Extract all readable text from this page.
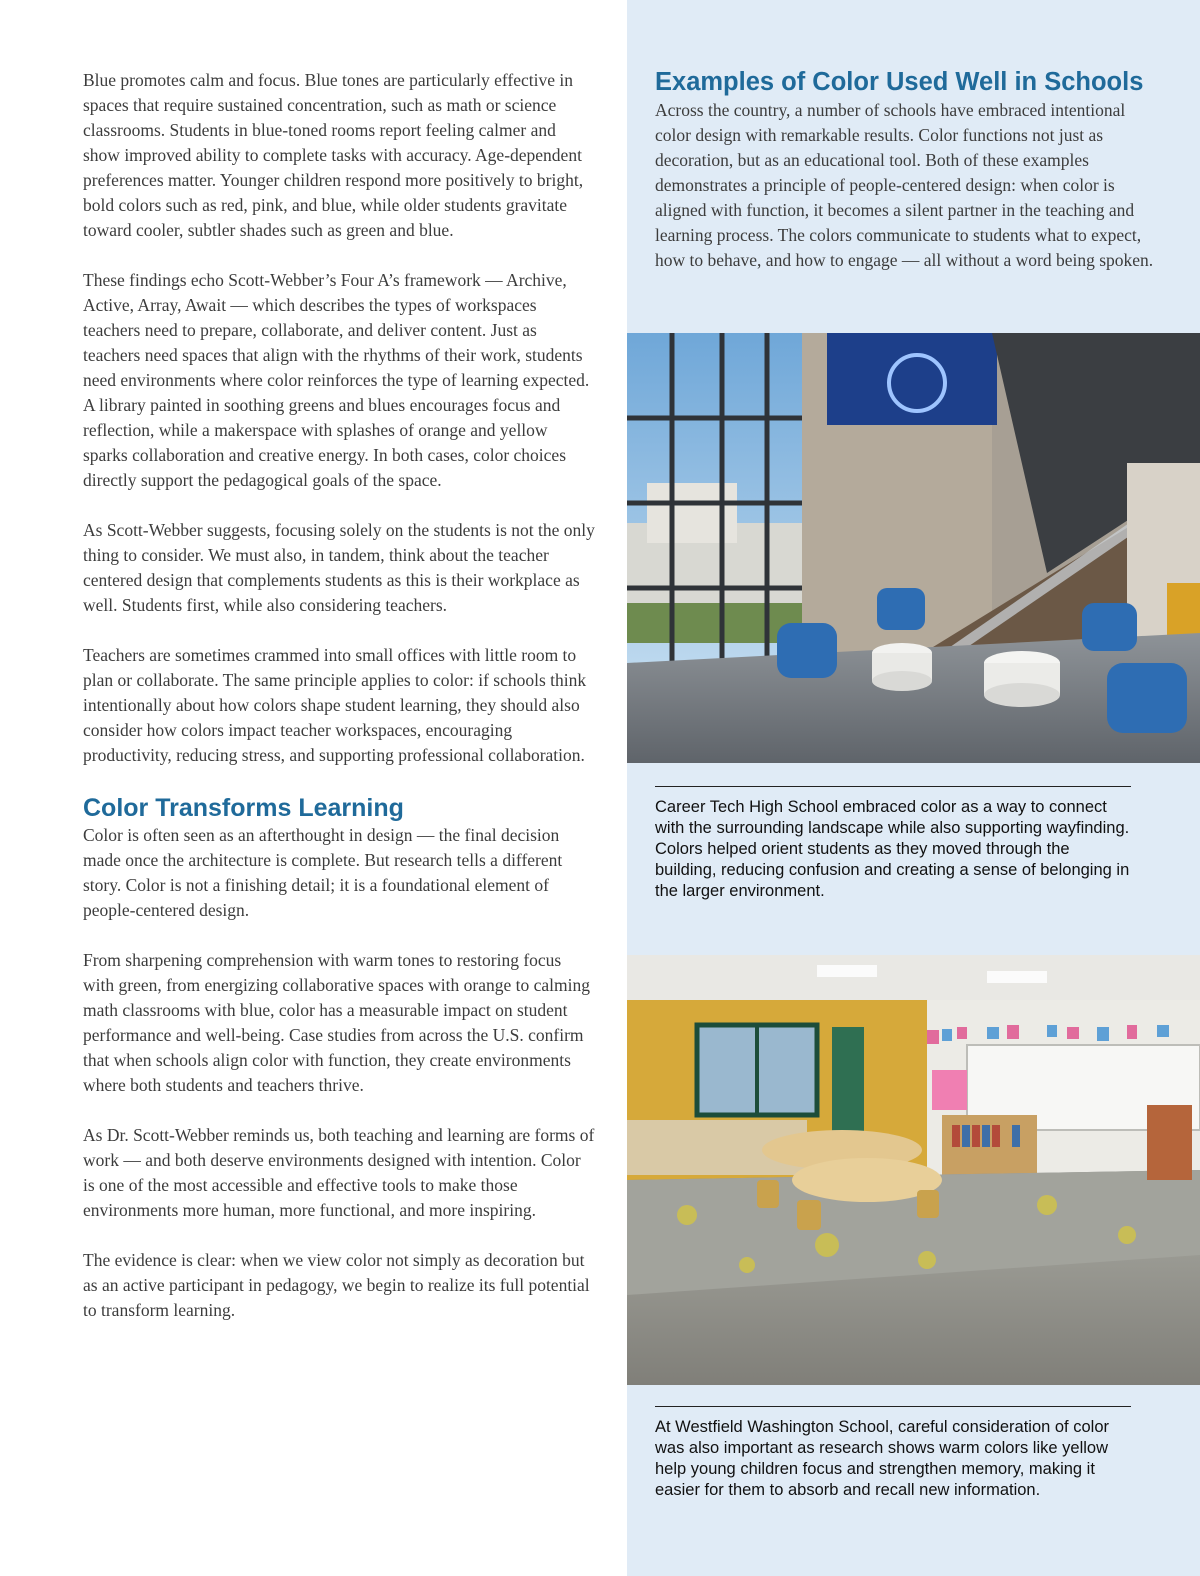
Blue promotes calm and focus. Blue tones are particularly effective in spaces that require sustained concentration, such as math or science classrooms. Students in blue-toned rooms report feeling calmer and show improved ability to complete tasks with accuracy. Age-dependent preferences matter. Younger children respond more positively to bright, bold colors such as red, pink, and blue, while older students gravitate toward cooler, subtler shades such as green and blue.

These findings echo Scott-Webber’s Four A’s framework — Archive, Active, Array, Await — which describes the types of workspaces teachers need to prepare, collaborate, and deliver content. Just as teachers need spaces that align with the rhythms of their work, students need environments where color reinforces the type of learning expected. A library painted in soothing greens and blues encourages focus and reflection, while a makerspace with splashes of orange and yellow sparks collaboration and creative energy. In both cases, color choices directly support the pedagogical goals of the space.

As Scott-Webber suggests, focusing solely on the students is not the only thing to consider. We must also, in tandem, think about the teacher centered design that complements students as this is their workplace as well. Students first, while also considering teachers.

Teachers are sometimes crammed into small offices with little room to plan or collaborate. The same principle applies to color: if schools think intentionally about how colors shape student learning, they should also consider how colors impact teacher workspaces, encouraging productivity, reducing stress, and supporting professional collaboration.

Color Transforms Learning

Color is often seen as an afterthought in design — the final decision made once the architecture is complete. But research tells a different story. Color is not a finishing detail; it is a foundational element of people-centered design.

From sharpening comprehension with warm tones to restoring focus with green, from energizing collaborative spaces with orange to calming math classrooms with blue, color has a measurable impact on student performance and well-being. Case studies from across the U.S. confirm that when schools align color with function, they create environments where both students and teachers thrive.

As Dr. Scott-Webber reminds us, both teaching and learning are forms of work — and both deserve environments designed with intention. Color is one of the most accessible and effective tools to make those environments more human, more functional, and more inspiring.

The evidence is clear: when we view color not simply as decoration but as an active participant in pedagogy, we begin to realize its full potential to transform learning.

Examples of Color Used Well in Schools

Across the country, a number of schools have embraced intentional color design with remarkable results. Color functions not just as decoration, but as an educational tool. Both of these examples demonstrates a principle of people-centered design: when color is aligned with function, it becomes a silent partner in the teaching and learning process. The colors communicate to students what to expect, how to behave, and how to engage — all without a word being spoken.

Career Tech High School embraced color as a way to connect with the surrounding landscape while also supporting wayfinding. Colors helped orient students as they moved through the building, reducing confusion and creating a sense of belonging in the larger environment.

At Westfield Washington School, careful consideration of color was also important as research shows warm colors like yellow help young children focus and strengthen memory, making it easier for them to absorb and recall new information.
